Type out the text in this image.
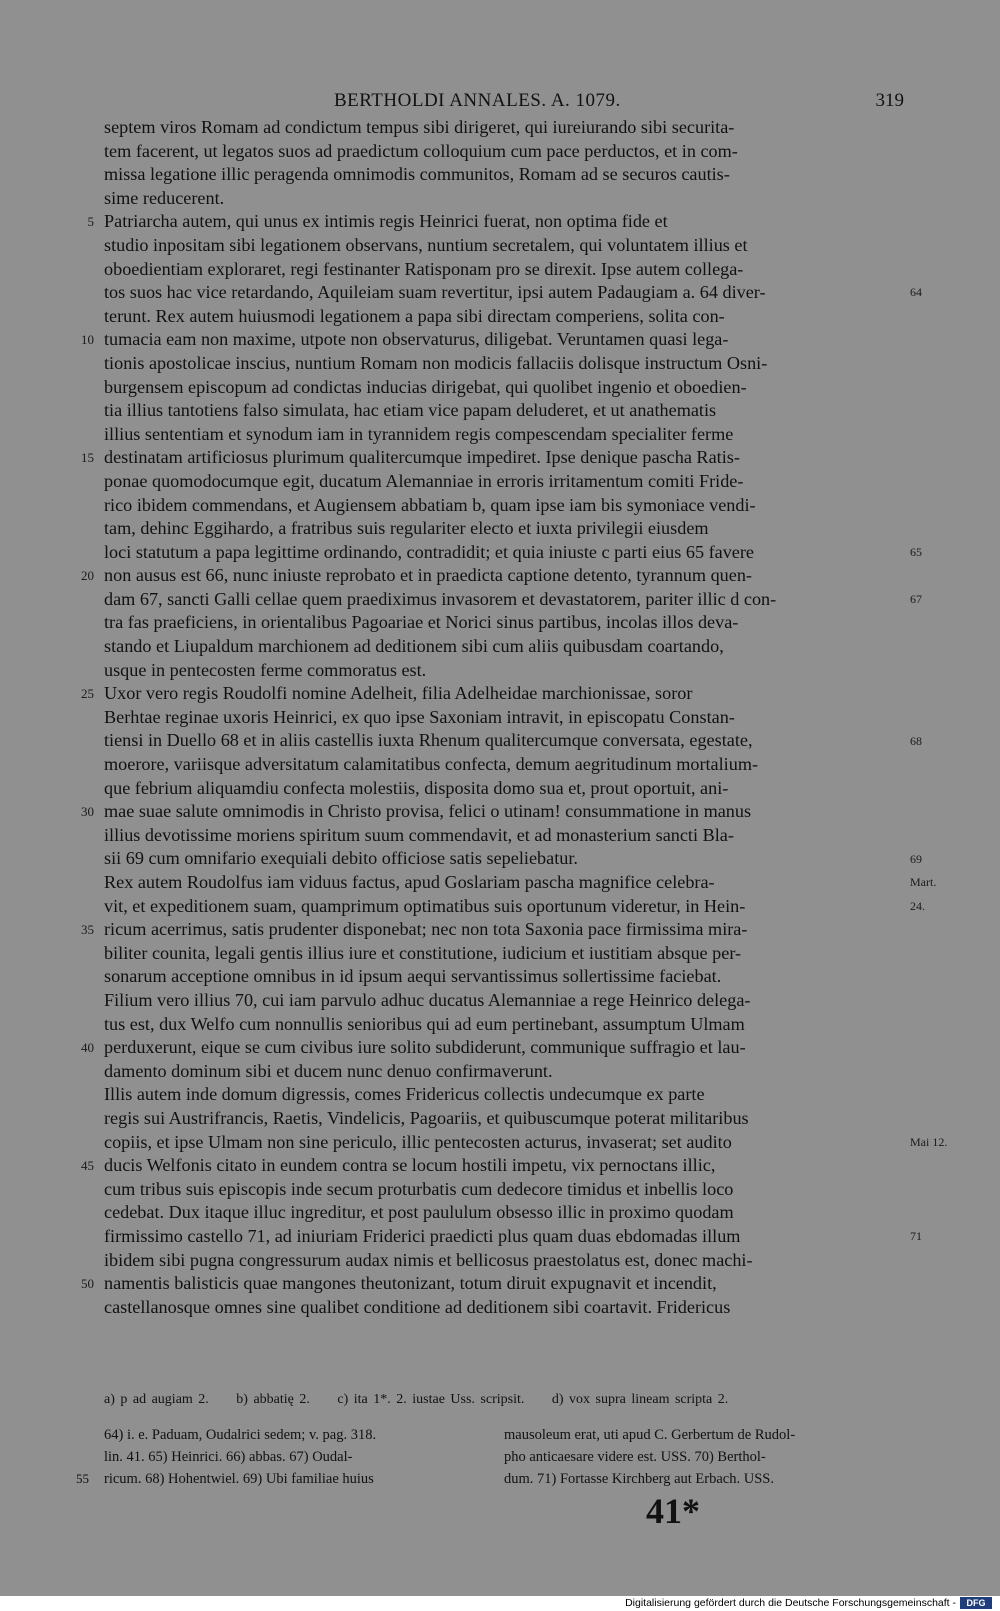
BERTHOLDI ANNALES. A. 1079.	319
septem viros Romam ad condictum tempus sibi dirigeret, qui iureiurando sibi securita-
tem facerent, ut legatos suos ad praedictum colloquium cum pace perductos, et in com-
missa legatione illic peragenda omnimodis communitos, Romam ad se securos cautis-
sime reducerent.
Patriarcha autem, qui unus ex intimis regis Heinrici fuerat, non optima fide et
5
studio inpositam sibi legationem observans, nuntium secretalem, qui voluntatem illius et
oboedientiam exploraret, regi festinanter Ratisponam pro se direxit. Ipse autem collega-
tos suos hac vice retardando, Aquileiam suam revertitur, ipsi autem Padaugiam a. 64 diver-	64
terunt. Rex autem huiusmodi legationem a papa sibi directam comperiens, solita con-
tumacia eam non maxime, utpote non observaturus, diligebat. Veruntamen quasi lega-
10
tionis apostolicae inscius, nuntium Romam non modicis fallaciis dolisque instructum Osni-
burgensem episcopum ad condictas inducias dirigebat, qui quolibet ingenio et oboedien-
tia illius tantotiens falso simulata, hac etiam vice papam deluderet, et ut anathematis
illius sententiam et synodum iam in tyrannidem regis compescendam specialiter ferme
destinatam artificiosus plurimum qualitercumque impediret. Ipse denique pascha Ratis-
15
ponae quomodocumque egit, ducatum Alemanniae in erroris irritamentum comiti Fride-
rico ibidem commendans, et Augiensem abbatiam b, quam ipse iam bis symoniace vendi-
tam, dehinc Eggihardo, a fratribus suis regulariter electo et iuxta privilegii eiusdem
loci statutum a papa legittime ordinando, contradidit; et quia iniuste c parti eius 65 favere	65
non ausus est 66, nunc iniuste reprobato et in praedicta captione detento, tyrannum quen-
20
dam 67, sancti Galli cellae quem praediximus invasorem et devastatorem, pariter illic d con-	67
tra fas praeficiens, in orientalibus Pagoariae et Norici sinus partibus, incolas illos deva-
stando et Liupaldum marchionem ad deditionem sibi cum aliis quibusdam coartando,
usque in pentecosten ferme commoratus est.
Uxor vero regis Roudolfi nomine Adelheit, filia Adelheidae marchionissae, soror
25
Berhtae reginae uxoris Heinrici, ex quo ipse Saxoniam intravit, in episcopatu Constan-
tiensi in Duello 68 et in aliis castellis iuxta Rhenum qualitercumque conversata, egestate,	68
moerore, variisque adversitatum calamitatibus confecta, demum aegritudinum mortalium-
que febrium aliquamdiu confecta molestiis, disposita domo sua et, prout oportuit, ani-
mae suae salute omnimodis in Christo provisa, felici o utinam! consummatione in manus
30
illius devotissime moriens spiritum suum commendavit, et ad monasterium sancti Bla-
sii 69 cum omnifario exequiali debito officiose satis sepeliebatur.	69
Rex autem Roudolfus iam viduus factus, apud Goslariam pascha magnifice celebra-	Mart.
vit, et expeditionem suam, quamprimum optimatibus suis oportunum videretur, in Hein-	24.
ricum acerrimus, satis prudenter disponebat; nec non tota Saxonia pace firmissima mira-
35
biliter counita, legali gentis illius iure et constitutione, iudicium et iustitiam absque per-
sonarum acceptione omnibus in id ipsum aequi servantissimus sollertissime faciebat.
Filium vero illius 70, cui iam parvulo adhuc ducatus Alemanniae a rege Heinrico delega-
tus est, dux Welfo cum nonnullis senioribus qui ad eum pertinebant, assumptum Ulmam
perduxerunt, eique se cum civibus iure solito subdiderunt, communique suffragio et lau-
40
damento dominum sibi et ducem nunc denuo confirmaverunt.
Illis autem inde domum digressis, comes Fridericus collectis undecumque ex parte
regis sui Austrifrancis, Raetis, Vindelicis, Pagoariis, et quibuscumque poterat militaribus
copiis, et ipse Ulmam non sine periculo, illic pentecosten acturus, invaserat; set audito	Mai 12.
ducis Welfonis citato in eundem contra se locum hostili impetu, vix pernoctans illic,
45
cum tribus suis episcopis inde secum proturbatis cum dedecore timidus et inbellis loco
cedebat. Dux itaque illuc ingreditur, et post paululum obsesso illic in proximo quodam
firmissimo castello 71, ad iniuriam Friderici praedicti plus quam duas ebdomadas illum	71
ibidem sibi pugna congressurum audax nimis et bellicosus praestolatus est, donec machi-
namentis balisticis quae mangones theutonizant, totum diruit expugnavit et incendit,
50
castellanosque omnes sine qualibet conditione ad deditionem sibi coartavit. Fridericus
a) p ad augiam 2. b) abbatię 2. c) ita 1*. 2. iustae Uss. scripsit. d) vox supra lineam scripta 2.
64) i. e. Paduam, Oudalrici sedem; v. pag. 318.	mausoleum erat, uti apud C. Gerbertum de Rudol-
lin. 41. 65) Heinrici. 66) abbas. 67) Oudal-	pho anticaesare videre est. USS. 70) Berthol-
55 ricum. 68) Hohentwiel. 69) Ubi familiae huius	dum. 71) Fortasse Kirchberg aut Erbach. USS.
41*
Digitalisierung gefördert durch die Deutsche Forschungsgemeinschaft -	DFG
